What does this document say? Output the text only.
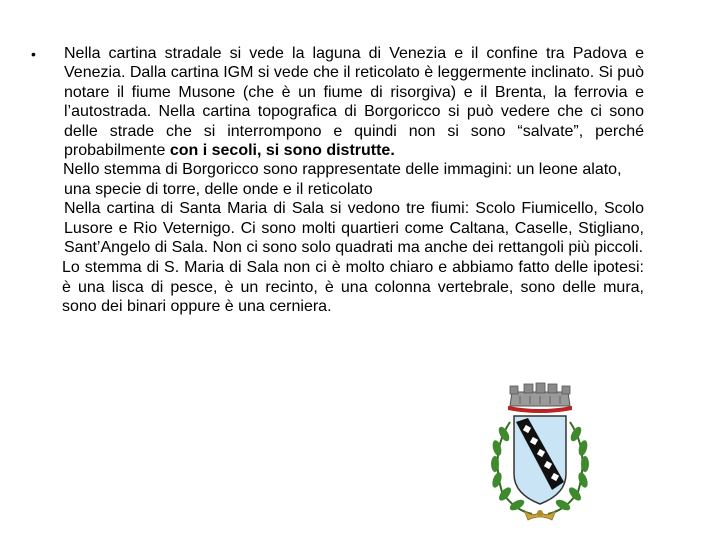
• Nella cartina stradale si vede la laguna di Venezia e il confine tra Padova e Venezia. Dalla cartina IGM si vede che il reticolato è leggermente inclinato. Si può notare il fiume Musone (che è un fiume di risorgiva) e il Brenta, la ferrovia e l’autostrada. Nella cartina topografica di Borgoricco si può vedere che ci sono delle strade che si interrompono e quindi non si sono “salvate”, perché probabilmente con i secoli, si sono distrutte.

Nello stemma di Borgoricco sono rappresentate delle immagini: un leone alato, una specie di torre, delle onde e il reticolato

Nella cartina di Santa Maria di Sala si vedono tre fiumi: Scolo Fiumicello, Scolo Lusore e Rio Veternigo. Ci sono molti quartieri come Caltana, Caselle, Stigliano, Sant’Angelo di Sala. Non ci sono solo quadrati ma anche dei rettangoli più piccoli.

Lo stemma di S. Maria di Sala non ci è molto chiaro e abbiamo fatto delle ipotesi: è una lisca di pesce, è un recinto, è una colonna vertebrale, sono delle mura, sono dei binari oppure è una cerniera.
